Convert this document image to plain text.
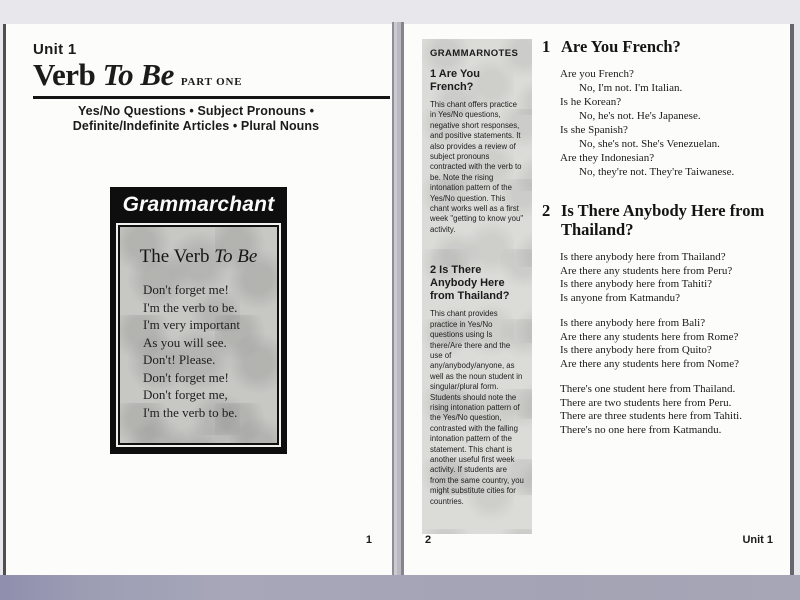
Unit 1
Verb To Be PART ONE
Yes/No Questions • Subject Pronouns •
Definite/Indefinite Articles • Plural Nouns
Grammarchant
The Verb To Be
Don't forget me!
I'm the verb to be.
I'm very important
As you will see.
Don't! Please.
Don't forget me!
Don't forget me,
I'm the verb to be.
1
GRAMMARNOTES
1 Are You French?
This chant offers practice in Yes/No questions, negative short responses, and positive statements. It also provides a review of subject pronouns contracted with the verb to be. Note the rising intonation pattern of the Yes/No question. This chant works well as a first week "getting to know you" activity.
2 Is There Anybody Here from Thailand?
This chant provides practice in Yes/No questions using Is there/Are there and the use of any/anybody/anyone, as well as the noun student in singular/plural form. Students should note the rising intonation pattern of the Yes/No question, contrasted with the falling intonation pattern of the statement. This chant is another useful first week activity. If students are from the same country, you might substitute cities for countries.
1 Are You French?
Are you French?
No, I'm not. I'm Italian.
Is he Korean?
No, he's not. He's Japanese.
Is she Spanish?
No, she's not. She's Venezuelan.
Are they Indonesian?
No, they're not. They're Taiwanese.
2 Is There Anybody Here from Thailand?
Is there anybody here from Thailand?
Are there any students here from Peru?
Is there anybody here from Tahiti?
Is anyone from Katmandu?
Is there anybody here from Bali?
Are there any students here from Rome?
Is there anybody here from Quito?
Are there any students here from Nome?
There's one student here from Thailand.
There are two students here from Peru.
There are three students here from Tahiti.
There's no one here from Katmandu.
2	Unit 1
